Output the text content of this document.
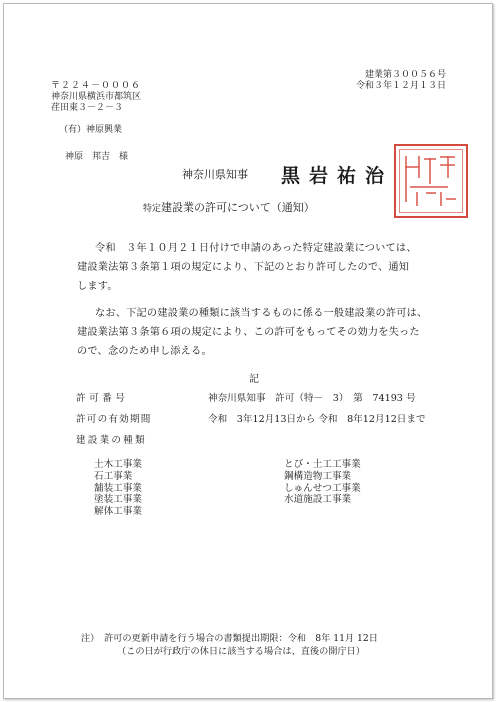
建業第３００５６号
令和３年１２月１３日
〒２２４－０００６
神奈川県横浜市都筑区
荏田東３－２－３
（有）神原興業
神原　邦吉　様
神奈川県知事 黒岩祐治
特定建設業の許可について（通知）
令和　３年１０月２１日付けで申請のあった特定建設業については、
建設業法第３条第１項の規定により、下記のとおり許可したので、通知
します。
なお、下記の建設業の種類に該当するものに係る一般建設業の許可は、
建設業法第３条第６項の規定により、この許可をもってその効力を失った
ので、念のため申し添える。
記
許可番号	神奈川県知事　許可（特－　3）　第　74193 号
許可の有効期間	令和　3年12月13日から 令和　8年12月12日まで
建設業の種類
土木工事業
石工事業
舗装工事業
塗装工事業
解体工事業
とび・土工工事業
鋼構造物工事業
しゅんせつ工事業
水道施設工事業
注）　許可の更新申請を行う場合の書類提出期限：令和　8年 11月 12日
（この日が行政庁の休日に該当する場合は、直後の開庁日）
